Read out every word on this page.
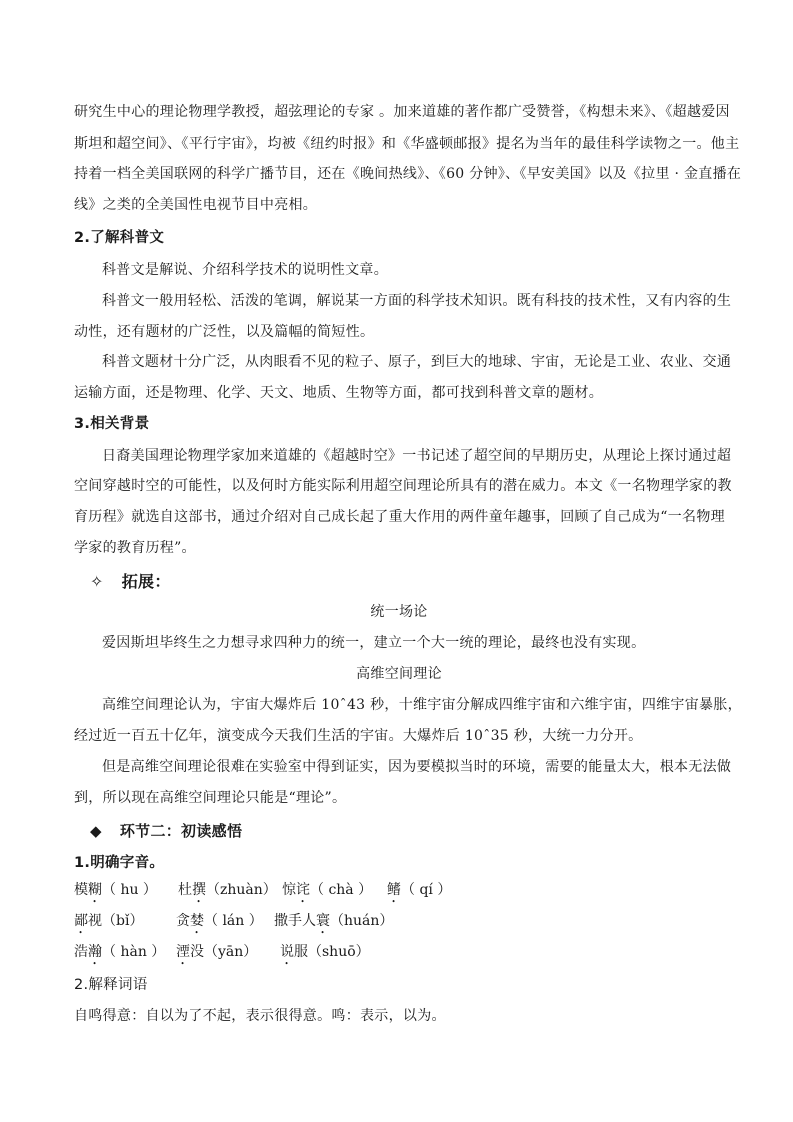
研究生中心的理论物理学教授，超弦理论的专家 。加来道雄的著作都广受赞誉，《构想未来》、《超越爱因
斯坦和超空间》、《平行宇宙》，均被《纽约时报》和《华盛顿邮报》提名为当年的最佳科学读物之一。他主
持着一档全美国联网的科学广播节目，还在《晚间热线》、《60 分钟》、《早安美国》以及《拉里 · 金直播在
线》之类的全美国性电视节目中亮相。
2.了解科普文
科普文是解说、介绍科学技术的说明性文章。
科普文一般用轻松、活泼的笔调，解说某一方面的科学技术知识。既有科技的技术性，又有内容的生
动性，还有题材的广泛性，以及篇幅的简短性。
科普文题材十分广泛，从肉眼看不见的粒子、原子，到巨大的地球、宇宙，无论是工业、农业、交通
运输方面，还是物理、化学、天文、地质、生物等方面，都可找到科普文章的题材。
3.相关背景
日裔美国理论物理学家加来道雄的《超越时空》一书记述了超空间的早期历史，从理论上探讨通过超
空间穿越时空的可能性，以及何时方能实际利用超空间理论所具有的潜在威力。本文《一名物理学家的教
育历程》就选自这部书，通过介绍对自己成长起了重大作用的两件童年趣事，回顾了自己成为“一名物理
学家的教育历程”。
✧ 拓展：
统一场论
爱因斯坦毕终生之力想寻求四种力的统一，建立一个大一统的理论，最终也没有实现。
高维空间理论
高维空间理论认为，宇宙大爆炸后 10ˆ43 秒，十维宇宙分解成四维宇宙和六维宇宙，四维宇宙暴胀，
经过近一百五十亿年，演变成今天我们生活的宇宙。大爆炸后 10ˆ35 秒，大统一力分开。
但是高维空间理论很难在实验室中得到证实，因为要模拟当时的环境，需要的能量太大，根本无法做
到，所以现在高维空间理论只能是“理论”。
◆ 环节二：初读感悟
1.明确字音。
模糊（ hu ） 杜撰（zhuàn） 惊诧（ chà ） 鳍（ qí ）
鄙视（bǐ） 贪婪（ lán ） 撒手人寰（huán）
浩瀚（ hàn ） 湮没（yān） 说服（shuō）
2.解释词语
自鸣得意：自以为了不起，表示很得意。鸣：表示，以为。
